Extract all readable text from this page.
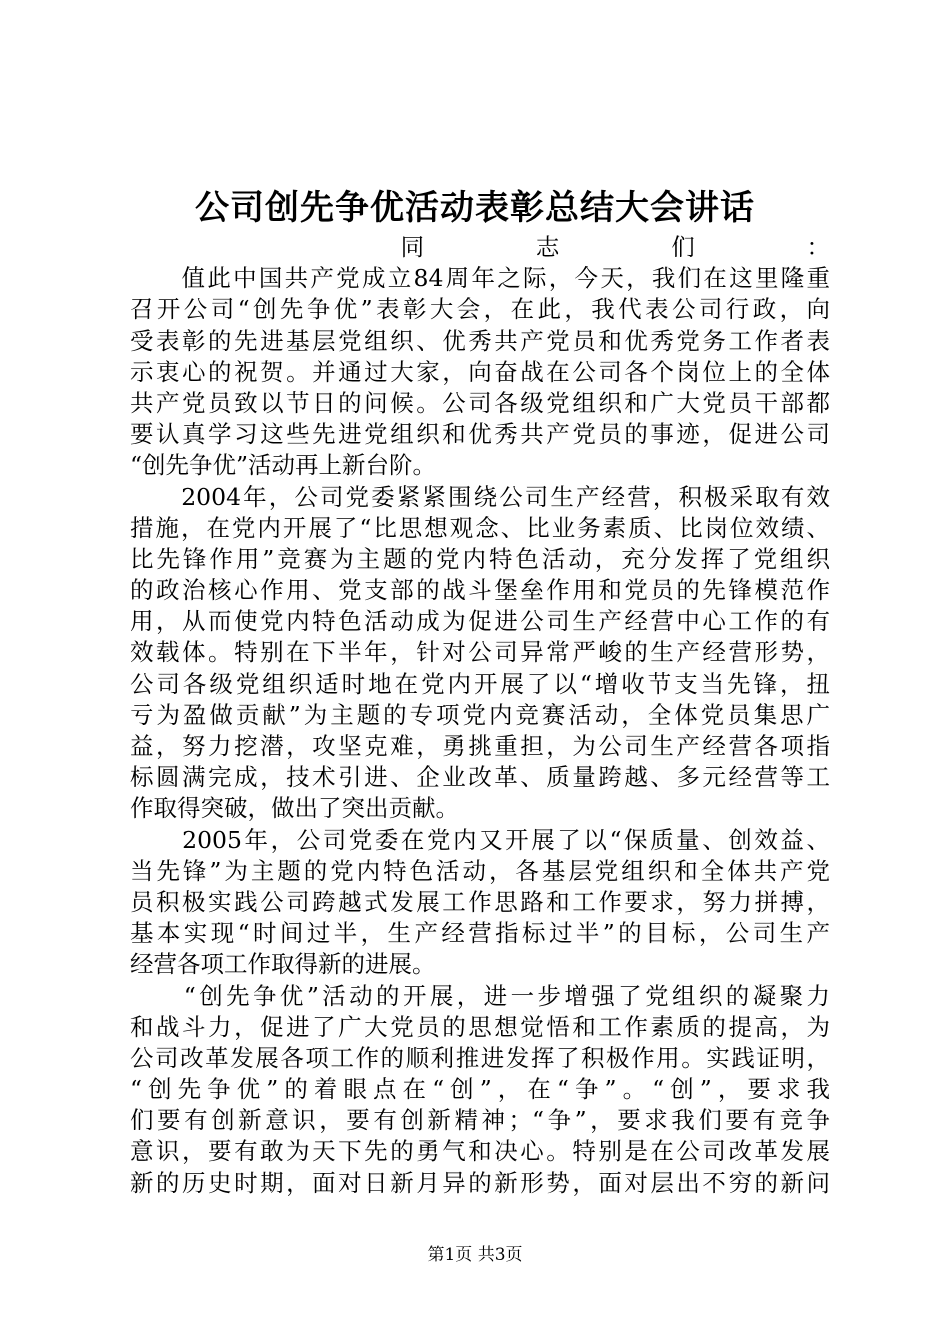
公司创先争优活动表彰总结大会讲话
　　同志们：
　　值此中国共产党成立84周年之际，今天，我们在这里隆重
召开公司“创先争优”表彰大会，在此，我代表公司行政，向
受表彰的先进基层党组织、优秀共产党员和优秀党务工作者表
示衷心的祝贺。并通过大家，向奋战在公司各个岗位上的全体
共产党员致以节日的问候。公司各级党组织和广大党员干部都
要认真学习这些先进党组织和优秀共产党员的事迹，促进公司
“创先争优”活动再上新台阶。
　　2004年，公司党委紧紧围绕公司生产经营，积极采取有效
措施，在党内开展了“比思想观念、比业务素质、比岗位效绩、
比先锋作用”竞赛为主题的党内特色活动，充分发挥了党组织
的政治核心作用、党支部的战斗堡垒作用和党员的先锋模范作
用，从而使党内特色活动成为促进公司生产经营中心工作的有
效载体。特别在下半年，针对公司异常严峻的生产经营形势，
公司各级党组织适时地在党内开展了以“增收节支当先锋，扭
亏为盈做贡献”为主题的专项党内竞赛活动，全体党员集思广
益，努力挖潜，攻坚克难，勇挑重担，为公司生产经营各项指
标圆满完成，技术引进、企业改革、质量跨越、多元经营等工
作取得突破，做出了突出贡献。
　　2005年，公司党委在党内又开展了以“保质量、创效益、
当先锋”为主题的党内特色活动，各基层党组织和全体共产党
员积极实践公司跨越式发展工作思路和工作要求，努力拼搏，
基本实现“时间过半，生产经营指标过半”的目标，公司生产
经营各项工作取得新的进展。
　　“创先争优”活动的开展，进一步增强了党组织的凝聚力
和战斗力，促进了广大党员的思想觉悟和工作素质的提高，为
公司改革发展各项工作的顺利推进发挥了积极作用。实践证明，
“创先争优”的着眼点在“创”，在“争”。“创”，要求我
们要有创新意识，要有创新精神；“争”，要求我们要有竞争
意识，要有敢为天下先的勇气和决心。特别是在公司改革发展
新的历史时期，面对日新月异的新形势，面对层出不穷的新问
第1页 共3页
